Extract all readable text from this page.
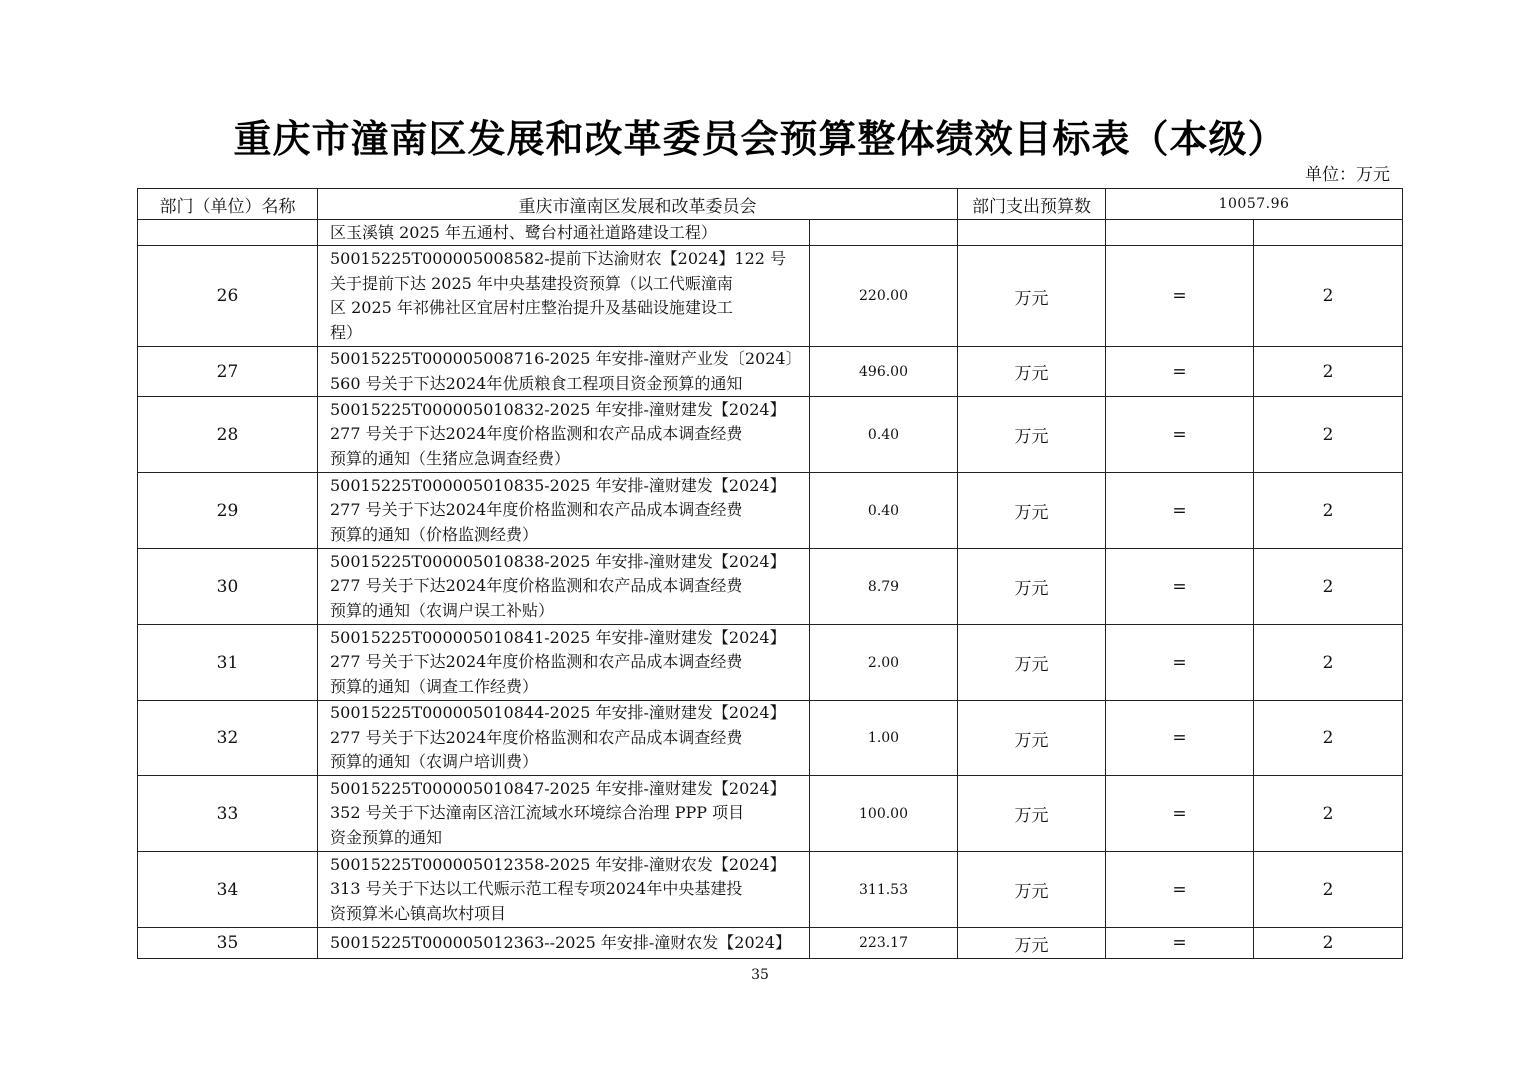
重庆市潼南区发展和改革委员会预算整体绩效目标表（本级）
单位：万元
部门（单位）名称	重庆市潼南区发展和改革委员会		部门支出预算数	10057.96	
	区玉溪镇 2025 年五通村、鹭台村通社道路建设工程）				
26	50015225T000005008582-提前下达渝财农【2024】122 号
关于提前下达 2025 年中央基建投资预算（以工代赈潼南
区 2025 年祁佛社区宜居村庄整治提升及基础设施建设工
程）	220.00	万元	=	2
27	50015225T000005008716-2025 年安排-潼财产业发〔2024〕
560 号关于下达2024年优质粮食工程项目资金预算的通知	496.00	万元	=	2
28	50015225T000005010832-2025 年安排-潼财建发【2024】
277 号关于下达2024年度价格监测和农产品成本调查经费
预算的通知（生猪应急调查经费）	0.40	万元	=	2
29	50015225T000005010835-2025 年安排-潼财建发【2024】
277 号关于下达2024年度价格监测和农产品成本调查经费
预算的通知（价格监测经费）	0.40	万元	=	2
30	50015225T000005010838-2025 年安排-潼财建发【2024】
277 号关于下达2024年度价格监测和农产品成本调查经费
预算的通知（农调户误工补贴）	8.79	万元	=	2
31	50015225T000005010841-2025 年安排-潼财建发【2024】
277 号关于下达2024年度价格监测和农产品成本调查经费
预算的通知（调查工作经费）	2.00	万元	=	2
32	50015225T000005010844-2025 年安排-潼财建发【2024】
277 号关于下达2024年度价格监测和农产品成本调查经费
预算的通知（农调户培训费）	1.00	万元	=	2
33	50015225T000005010847-2025 年安排-潼财建发【2024】
352 号关于下达潼南区涪江流域水环境综合治理 PPP 项目
资金预算的通知	100.00	万元	=	2
34	50015225T000005012358-2025 年安排-潼财农发【2024】
313 号关于下达以工代赈示范工程专项2024年中央基建投
资预算米心镇高坎村项目	311.53	万元	=	2
35	50015225T000005012363--2025 年安排-潼财农发【2024】	223.17	万元	=	2
35
